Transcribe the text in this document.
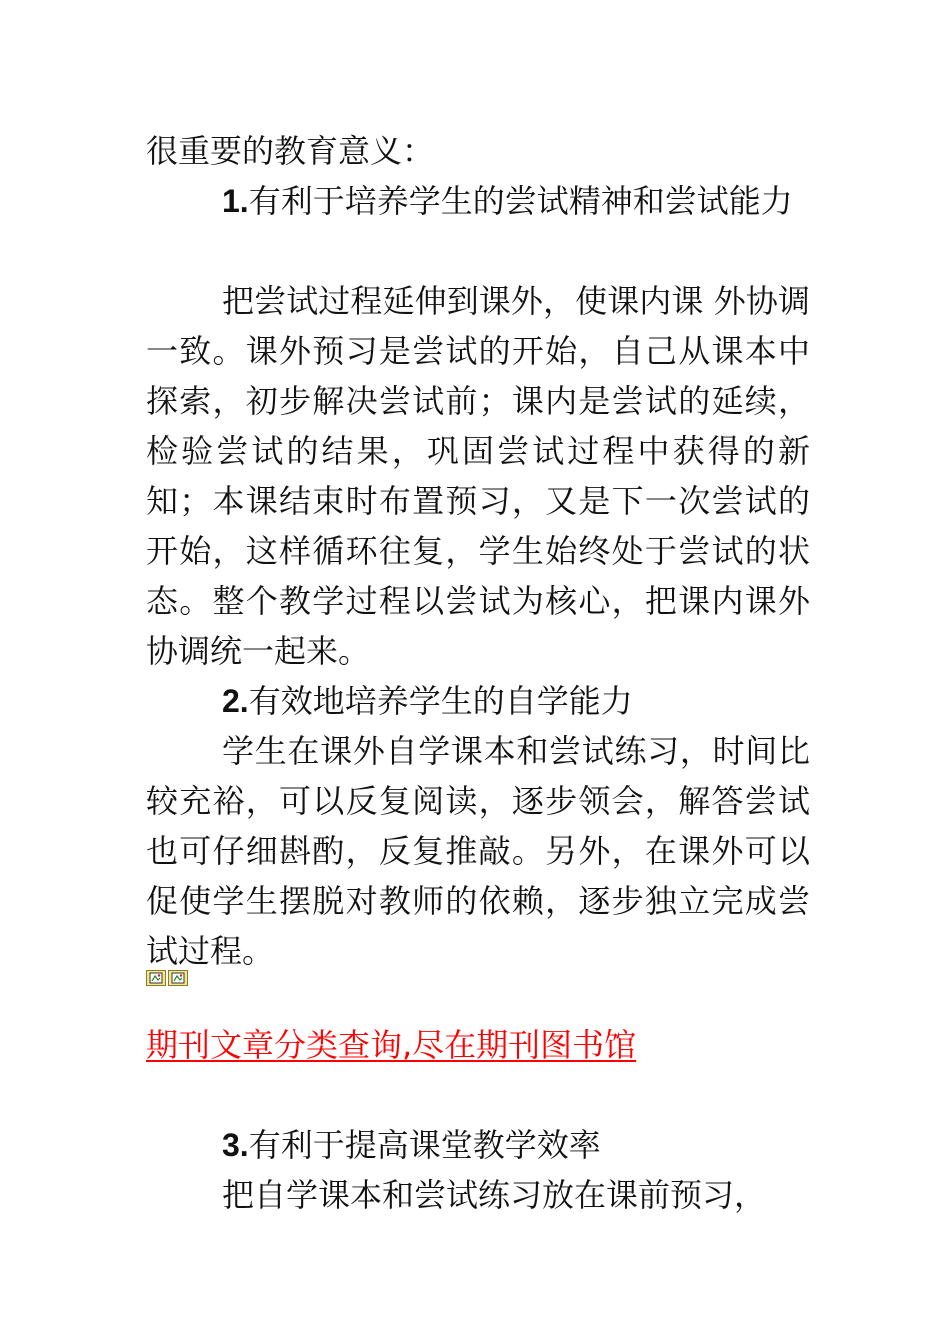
很重要的教育意义：

1.有利于培养学生的尝试精神和尝试能力

把尝试过程延伸到课外，使课内课 外协调一致。课外预习是尝试的开始，自己从课本中探索，初步解决尝试前；课内是尝试的延续，检验尝试的结果，巩固尝试过程中获得的新知；本课结束时布置预习，又是下一次尝试的开始，这样循环往复，学生始终处于尝试的状态。整个教学过程以尝试为核心，把课内课外协调统一起来。

2.有效地培养学生的自学能力

学生在课外自学课本和尝试练习，时间比较充裕，可以反复阅读，逐步领会，解答尝试也可仔细斟酌，反复推敲。另外，在课外可以促使学生摆脱对教师的依赖，逐步独立完成尝试过程。

期刊文章分类查询,尽在期刊图书馆

3.有利于提高课堂教学效率

把自学课本和尝试练习放在课前预习，
